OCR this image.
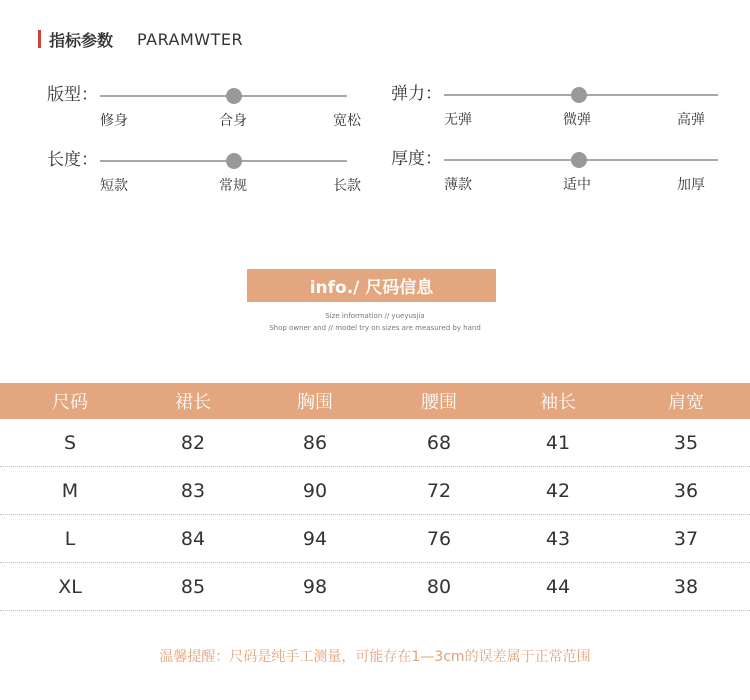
指标参数 PARAMWTER
版型：
修身	合身	宽松
弹力：
无弹	微弹	高弹
长度：
短款	常规	长款
厚度：
薄款	适中	加厚
info./ 尺码信息
Size information // yueyusjia
Shop owner and // model try on sizes are measured by hand
尺码	裙长	胸围	腰围	袖长	肩宽
S	82	86	68	41	35
M	83	90	72	42	36
L	84	94	76	43	37
XL	85	98	80	44	38
温馨提醒：尺码是纯手工测量，可能存在1—3cm的误差属于正常范围
